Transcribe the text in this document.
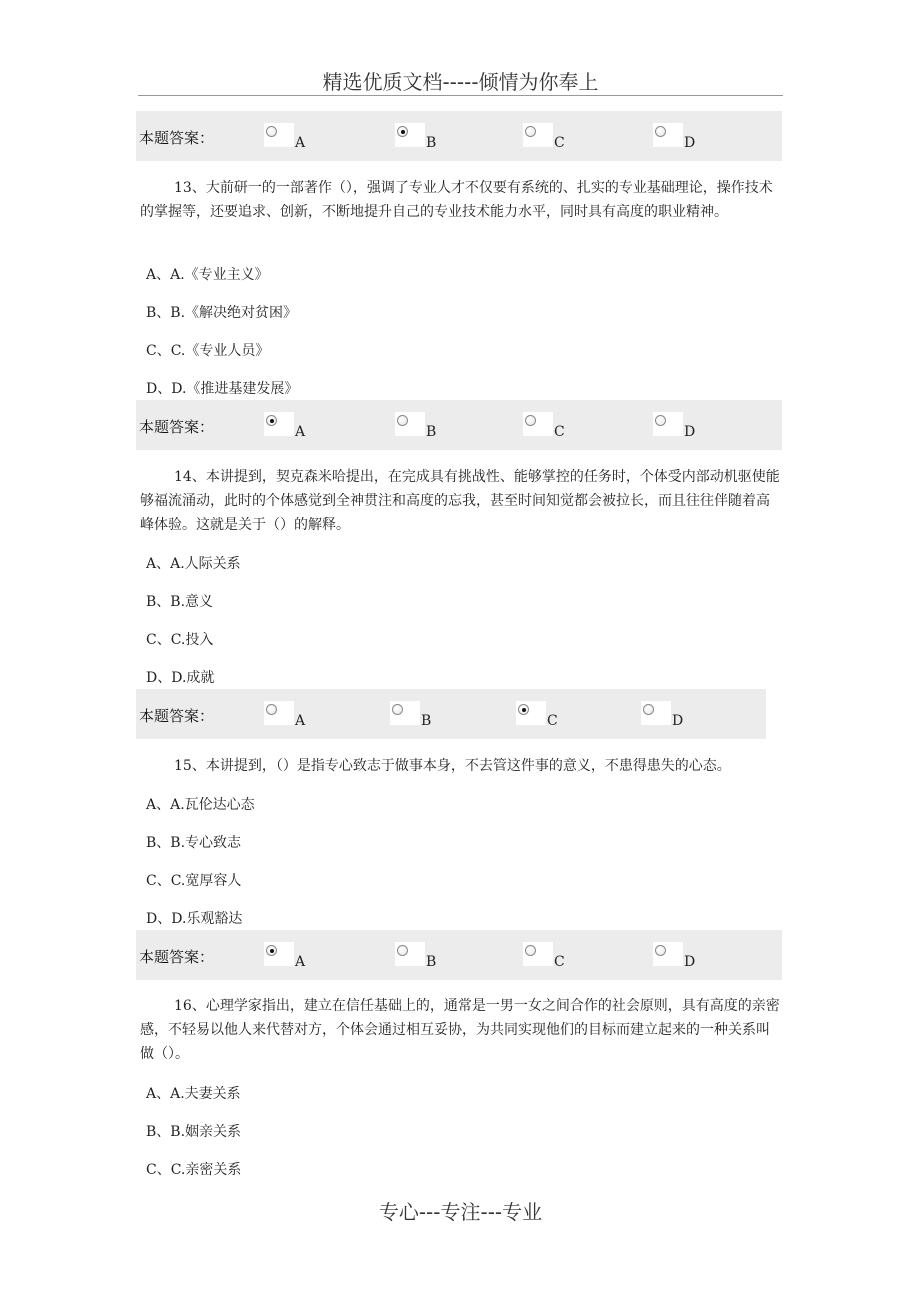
精选优质文档-----倾情为你奉上
本题答案：	A	B	C	D
13、大前研一的一部著作（），强调了专业人才不仅要有系统的、扎实的专业基础理论，操作技术的掌握等，还要追求、创新，不断地提升自己的专业技术能力水平，同时具有高度的职业精神。
A、A.《专业主义》
B、B.《解决绝对贫困》
C、C.《专业人员》
D、D.《推进基建发展》
本题答案：	A	B	C	D
14、本讲提到，契克森米哈提出，在完成具有挑战性、能够掌控的任务时，个体受内部动机驱使能够福流涌动，此时的个体感觉到全神贯注和高度的忘我，甚至时间知觉都会被拉长，而且往往伴随着高峰体验。这就是关于（）的解释。
A、A.人际关系
B、B.意义
C、C.投入
D、D.成就
本题答案：	A	B	C	D
15、本讲提到，（）是指专心致志于做事本身，不去管这件事的意义，不患得患失的心态。
A、A.瓦伦达心态
B、B.专心致志
C、C.宽厚容人
D、D.乐观豁达
本题答案：	A	B	C	D
16、心理学家指出，建立在信任基础上的，通常是一男一女之间合作的社会原则，具有高度的亲密感，不轻易以他人来代替对方，个体会通过相互妥协，为共同实现他们的目标而建立起来的一种关系叫做（）。
A、A.夫妻关系
B、B.姻亲关系
C、C.亲密关系
专心---专注---专业
